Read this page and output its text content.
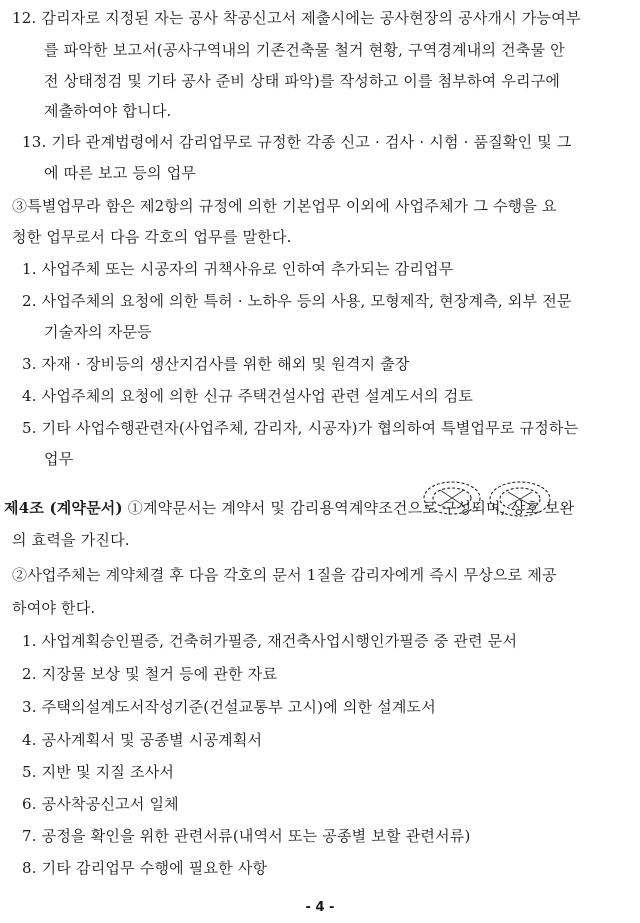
12. 감리자로 지정된 자는 공사 착공신고서 제출시에는 공사현장의 공사개시 가능여부
를 파악한 보고서(공사구역내의 기존건축물 철거 현황, 구역경계내의 건축물 안
전 상태정검 및 기타 공사 준비 상태 파악)를 작성하고 이를 첨부하여 우리구에
제출하여야 합니다.
13. 기타 관계법령에서 감리업무로 규정한 각종 신고 · 검사 · 시험 · 품질확인 및 그
에 따른 보고 등의 업무
③특별업무라 함은 제2항의 규정에 의한 기본업무 이외에 사업주체가 그 수행을 요
청한 업무로서 다음 각호의 업무를 말한다.
1. 사업주체 또는 시공자의 귀책사유로 인하여 추가되는 감리업무
2. 사업주체의 요청에 의한 특허 · 노하우 등의 사용, 모형제작, 현장계측, 외부 전문
기술자의 자문등
3. 자재 · 장비등의 생산지검사를 위한 해외 및 원격지 출장
4. 사업주체의 요청에 의한 신규 주택건설사업 관련 설계도서의 검토
5. 기타 사업수행관련자(사업주체, 감리자, 시공자)가 협의하여 특별업무로 규정하는
업무
제4조 (계약문서) ①계약문서는 계약서 및 감리용역계약조건으로 구성되며, 상호 보완
의 효력을 가진다.
②사업주체는 계약체결 후 다음 각호의 문서 1질을 감리자에게 즉시 무상으로 제공
하여야 한다.
1. 사업계획승인필증, 건축허가필증, 재건축사업시행인가필증 중 관련 문서
2. 지장물 보상 및 철거 등에 관한 자료
3. 주택의설계도서작성기준(건설교통부 고시)에 의한 설계도서
4. 공사계획서 및 공종별 시공계획서
5. 지반 및 지질 조사서
6. 공사착공신고서 일체
7. 공정을 확인을 위한 관련서류(내역서 또는 공종별 보할 관련서류)
8. 기타 감리업무 수행에 필요한 사항
- 4 -
